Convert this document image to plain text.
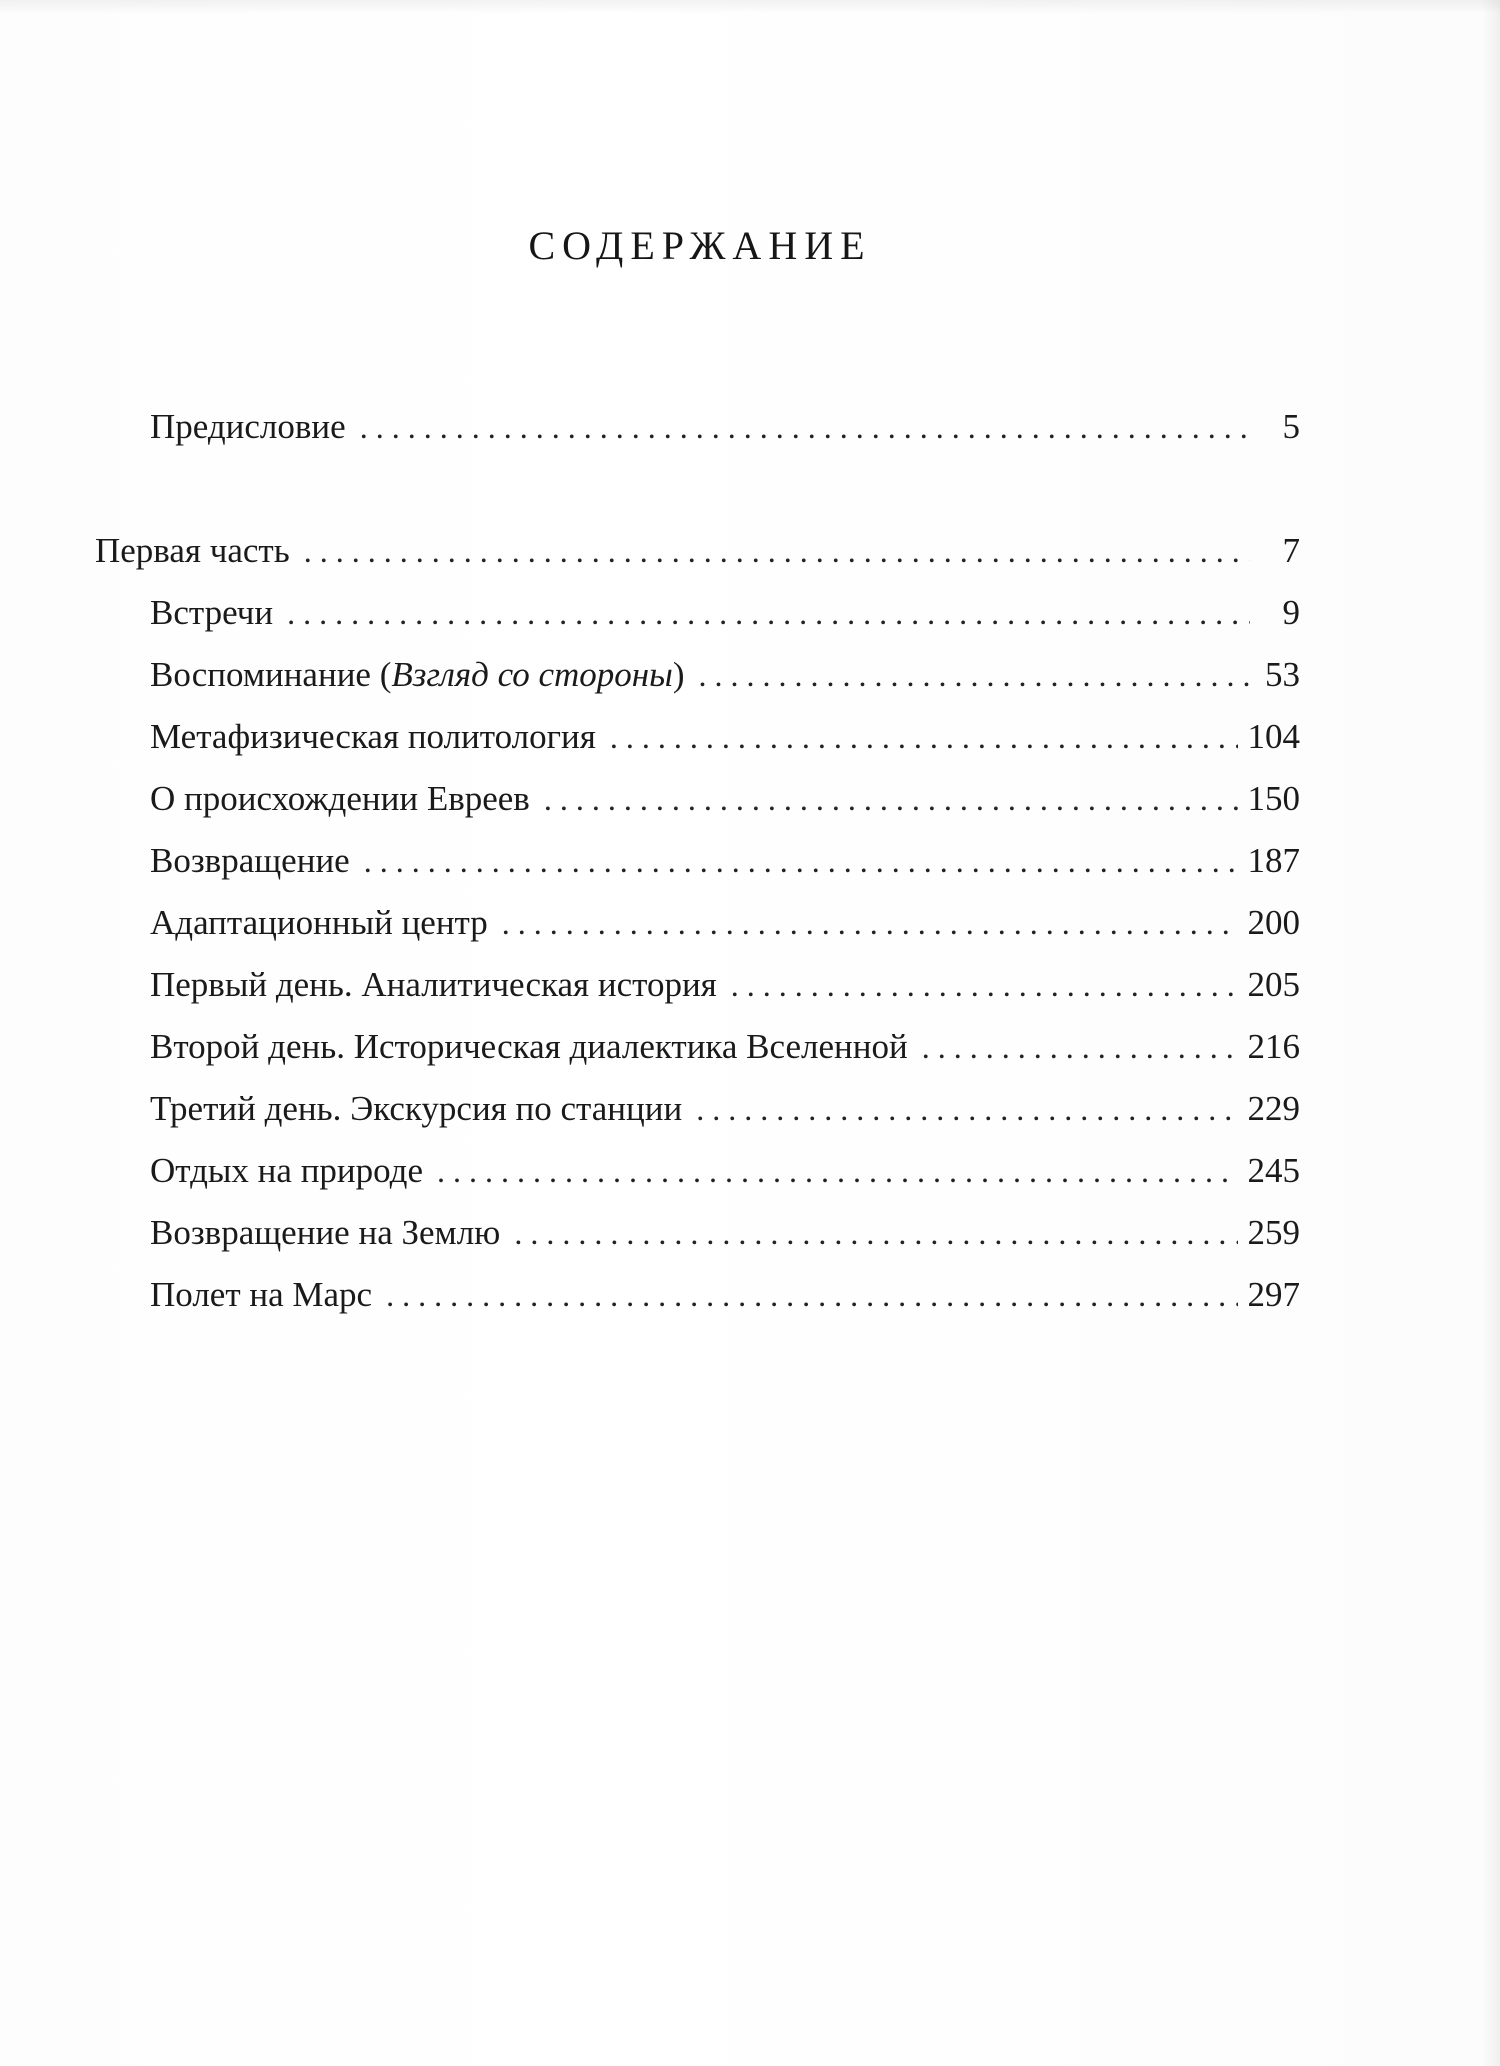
СОДЕРЖАНИЕ
Предисловие . . .	5
Первая часть . . .	7
Встречи . . .	9
Воспоминание (Взгляд со стороны) . . .	53
Метафизическая политология . . .	104
О происхождении Евреев . . .	150
Возвращение . . .	187
Адаптационный центр . . .	200
Первый день. Аналитическая история . . .	205
Второй день. Историческая диалектика Вселенной . . .	216
Третий день. Экскурсия по станции . . .	229
Отдых на природе . . .	245
Возвращение на Землю . . .	259
Полет на Марс . . .	297
